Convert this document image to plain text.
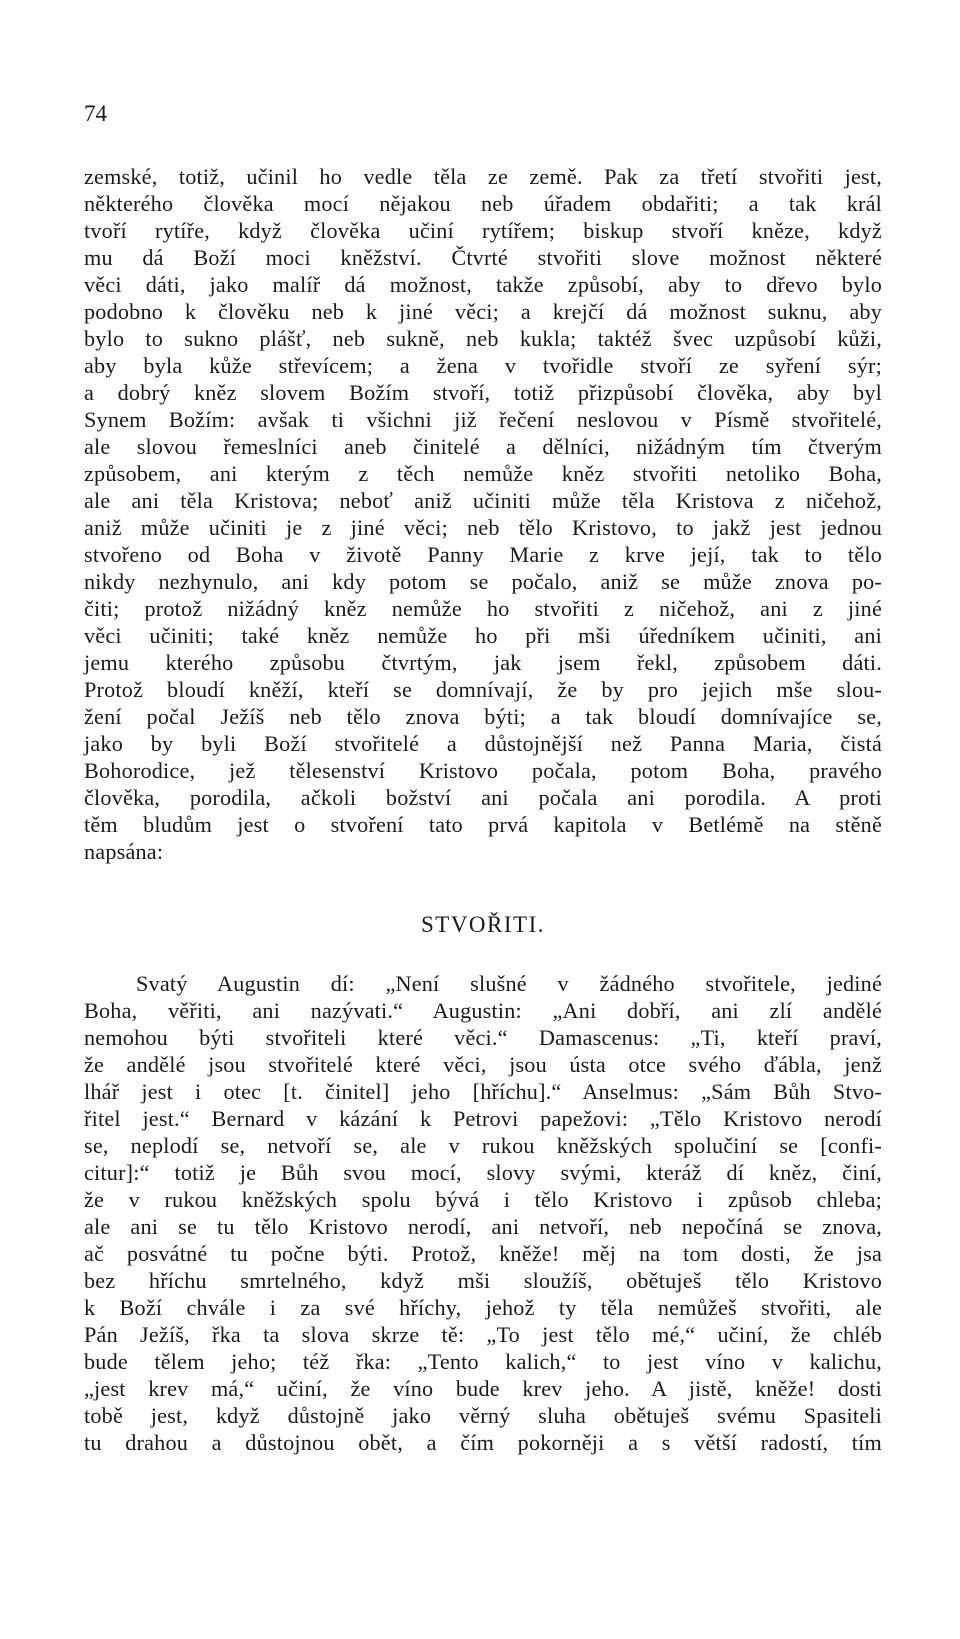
74
zemské, totiž, učinil ho vedle těla ze země. Pak za třetí stvořiti jest,
některého člověka mocí nějakou neb úřadem obdařiti; a tak král
tvoří rytíře, když člověka učiní rytířem; biskup stvoří kněze, když
mu dá Boží moci kněžství. Čtvrté stvořiti slove možnost některé
věci dáti, jako malíř dá možnost, takže způsobí, aby to dřevo bylo
podobno k člověku neb k jiné věci; a krejčí dá možnost suknu, aby
bylo to sukno plášť, neb sukně, neb kukla; taktéž švec uzpůsobí kůži,
aby byla kůže střevícem; a žena v tvořidle stvoří ze syření sýr;
a dobrý kněz slovem Božím stvoří, totiž přizpůsobí člověka, aby byl
Synem Božím: avšak ti všichni již řečení neslovou v Písmě stvořitelé,
ale slovou řemeslníci aneb činitelé a dělníci, nižádným tím čtverým
způsobem, ani kterým z těch nemůže kněz stvořiti netoliko Boha,
ale ani těla Kristova; neboť aniž učiniti může těla Kristova z ničehož,
aniž může učiniti je z jiné věci; neb tělo Kristovo, to jakž jest jednou
stvořeno od Boha v životě Panny Marie z krve její, tak to tělo
nikdy nezhynulo, ani kdy potom se počalo, aniž se může znova po-
čiti; protož nižádný kněz nemůže ho stvořiti z ničehož, ani z jiné
věci učiniti; také kněz nemůže ho při mši úředníkem učiniti, ani
jemu kterého způsobu čtvrtým, jak jsem řekl, způsobem dáti.
Protož bloudí kněží, kteří se domnívají, že by pro jejich mše slou-
žení počal Ježíš neb tělo znova býti; a tak bloudí domnívajíce se,
jako by byli Boží stvořitelé a důstojnější než Panna Maria, čistá
Bohorodice, jež tělesenství Kristovo počala, potom Boha, pravého
člověka, porodila, ačkoli božství ani počala ani porodila. A proti
těm bludům jest o stvoření tato prvá kapitola v Betlémě na stěně
napsána:
STVOŘITI.
Svatý Augustin dí: „Není slušné v žádného stvořitele, jediné
Boha, věřiti, ani nazývati.“ Augustin: „Ani dobří, ani zlí andělé
nemohou býti stvořiteli které věci.“ Damascenus: „Ti, kteří praví,
že andělé jsou stvořitelé které věci, jsou ústa otce svého ďábla, jenž
lhář jest i otec [t. činitel] jeho [hříchu].“ Anselmus: „Sám Bůh Stvo-
řitel jest.“ Bernard v kázání k Petrovi papežovi: „Tělo Kristovo nerodí
se, neplodí se, netvoří se, ale v rukou kněžských spolučiní se [confi-
citur]:“ totiž je Bůh svou mocí, slovy svými, kteráž dí kněz, činí,
že v rukou kněžských spolu bývá i tělo Kristovo i způsob chleba;
ale ani se tu tělo Kristovo nerodí, ani netvoří, neb nepočíná se znova,
ač posvátné tu počne býti. Protož, kněže! měj na tom dosti, že jsa
bez hříchu smrtelného, když mši sloužíš, obětuješ tělo Kristovo
k Boží chvále i za své hříchy, jehož ty těla nemůžeš stvořiti, ale
Pán Ježíš, řka ta slova skrze tě: „To jest tělo mé,“ učiní, že chléb
bude tělem jeho; též řka: „Tento kalich,“ to jest víno v kalichu,
„jest krev má,“ učiní, že víno bude krev jeho. A jistě, kněže! dosti
tobě jest, když důstojně jako věrný sluha obětuješ svému Spasiteli
tu drahou a důstojnou obět, a čím pokorněji a s větší radostí, tím
